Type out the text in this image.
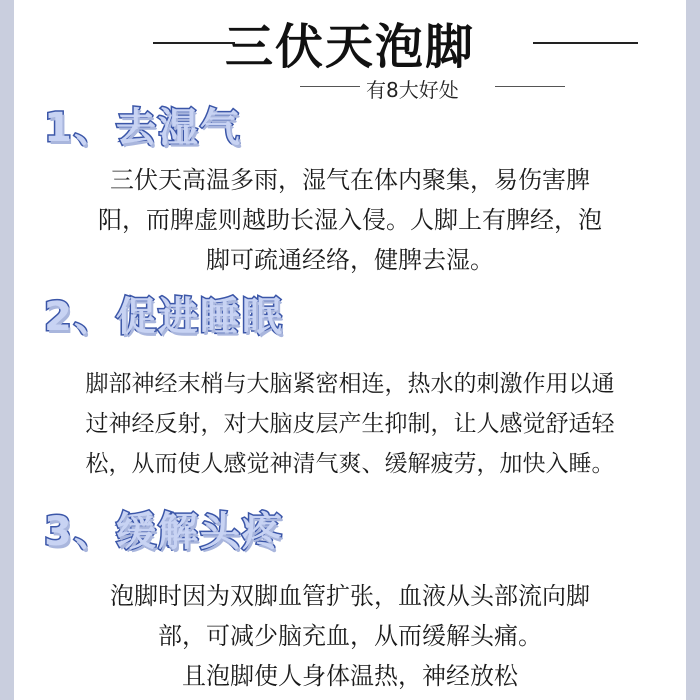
三伏天泡脚
有8大好处
1、去湿气
三伏天高温多雨，湿气在体内聚集，易伤害脾
阳，而脾虚则越助长湿入侵。人脚上有脾经，泡
脚可疏通经络，健脾去湿。
2、促进睡眠
脚部神经末梢与大脑紧密相连，热水的刺激作用以通
过神经反射，对大脑皮层产生抑制，让人感觉舒适轻
松，从而使人感觉神清气爽、缓解疲劳，加快入睡。
3、缓解头疼
泡脚时因为双脚血管扩张，血液从头部流向脚
部，可减少脑充血，从而缓解头痛。
且泡脚使人身体温热，神经放松
